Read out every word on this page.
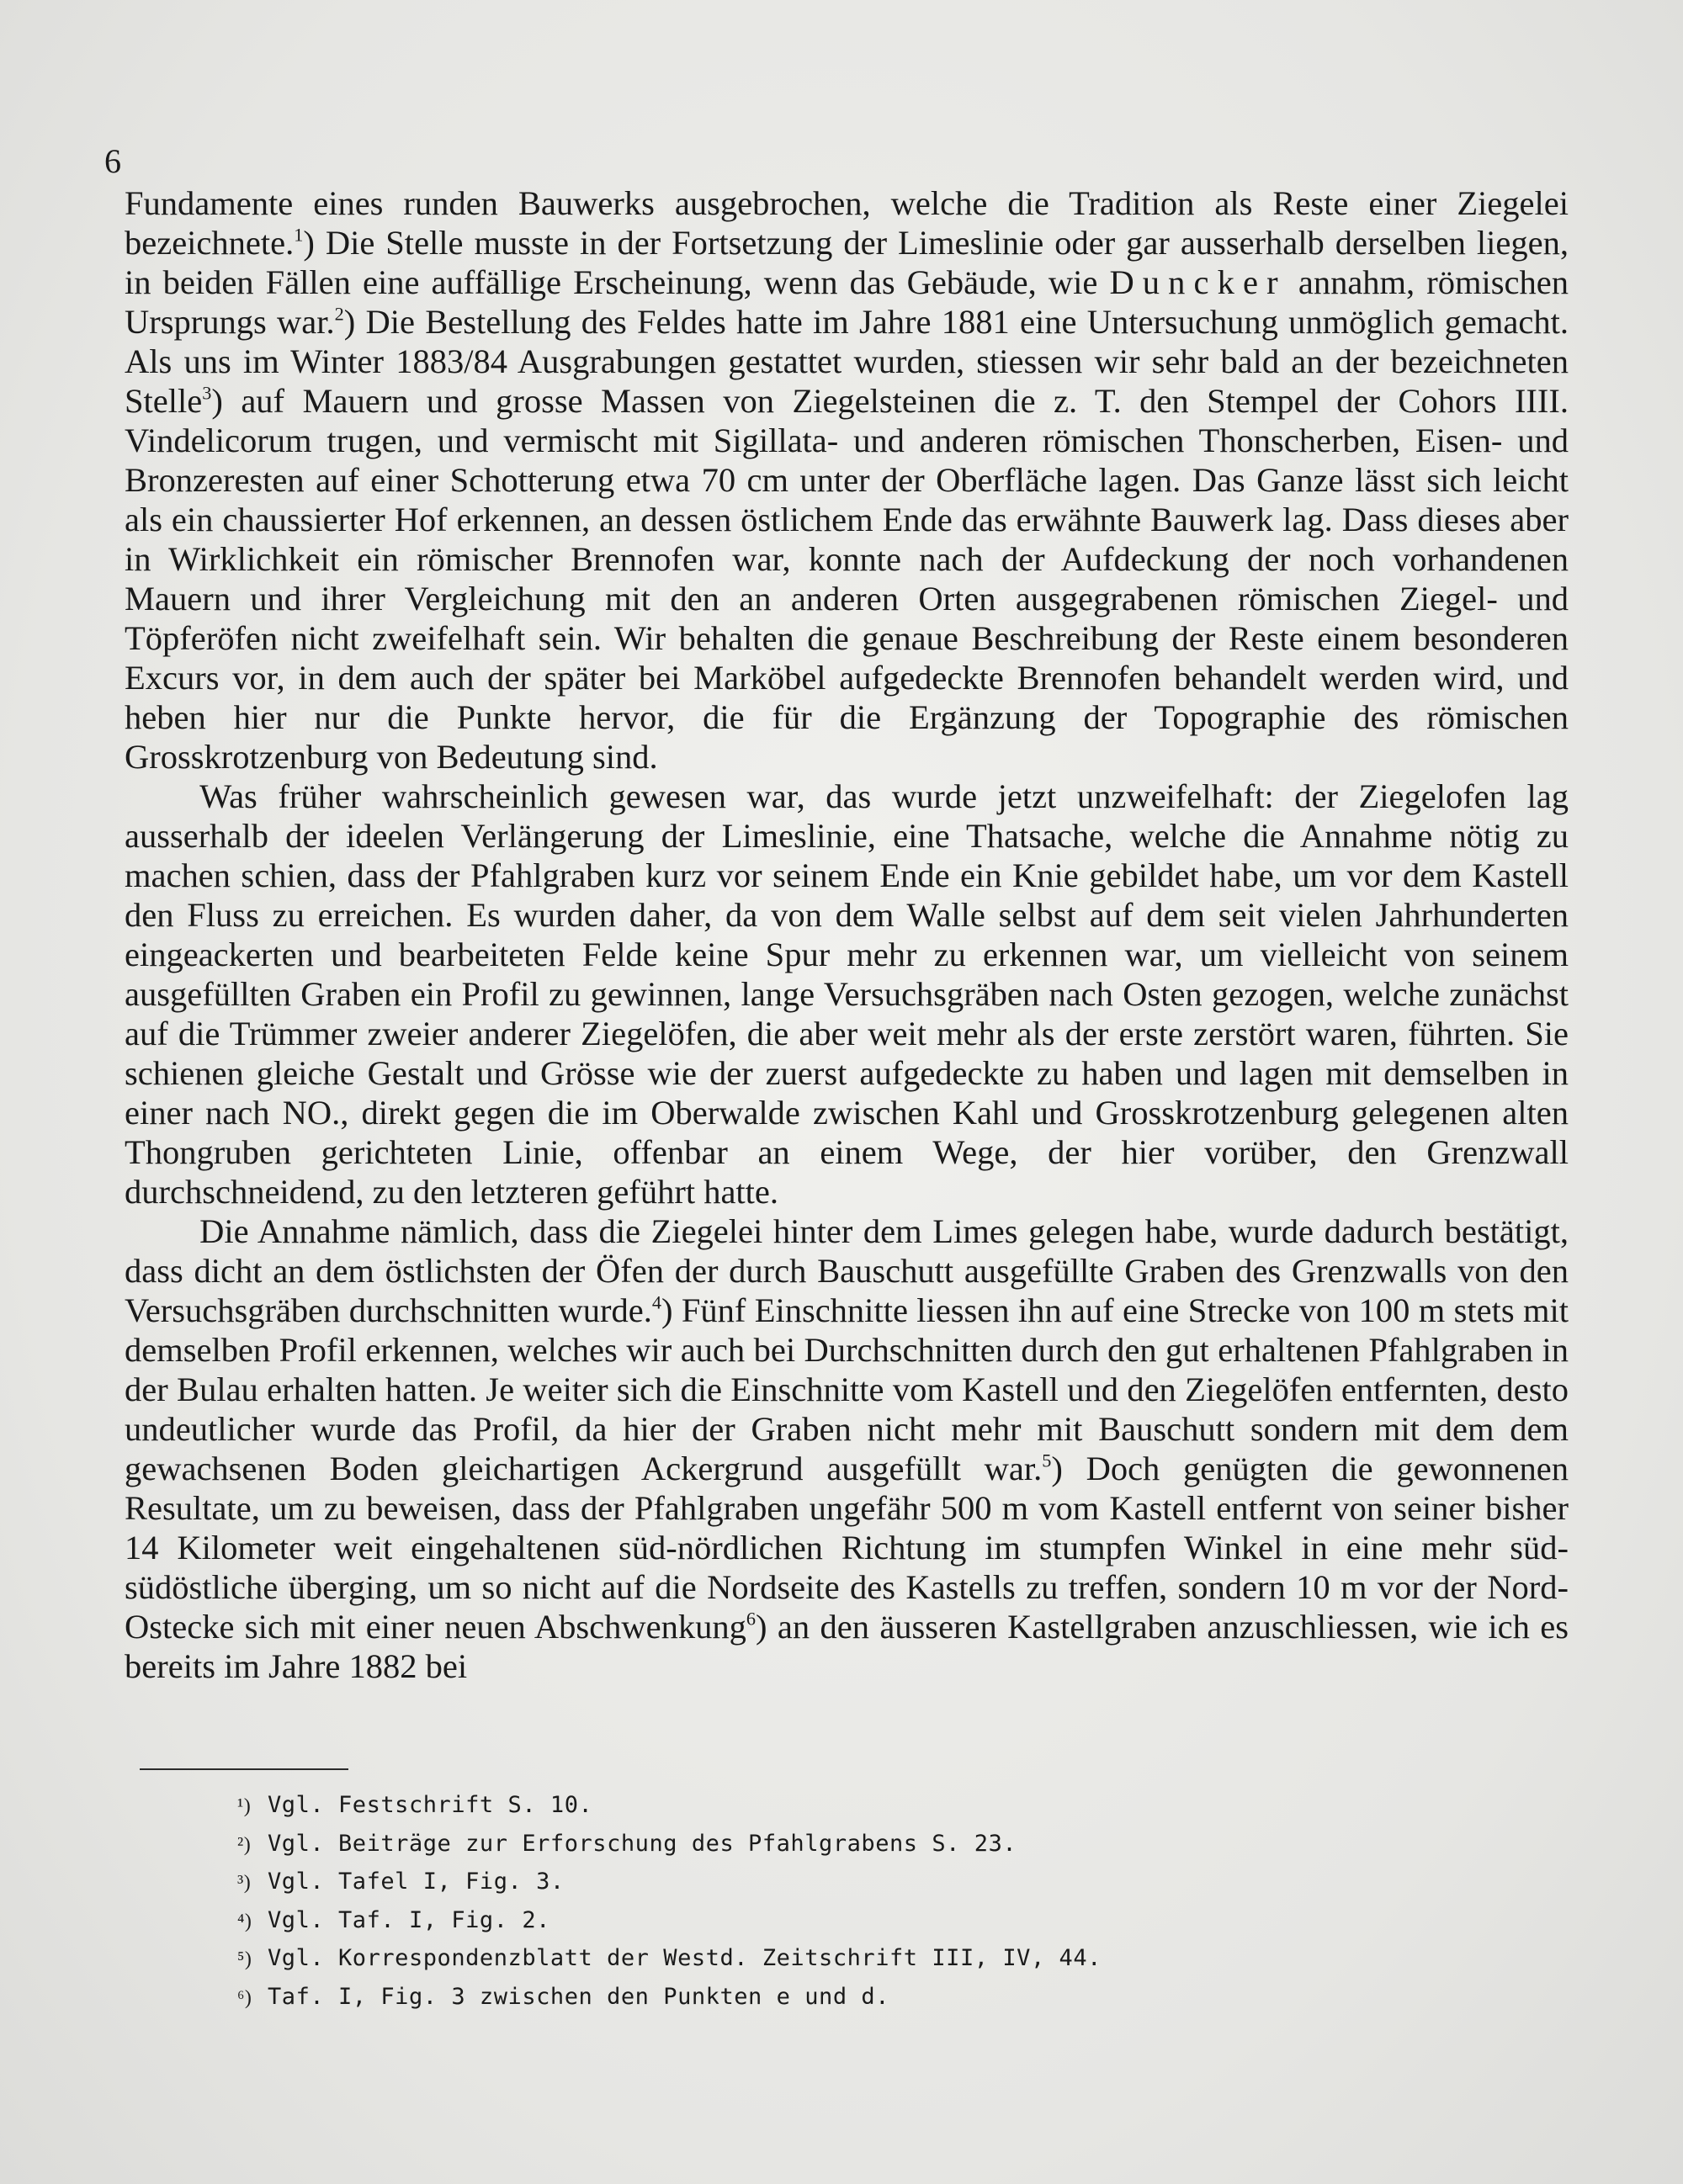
6

Fundamente eines runden Bauwerks ausgebrochen, welche die Tradition als Reste einer Ziegelei bezeichnete.$^1$) Die Stelle musste in der Fortsetzung der Limeslinie oder gar ausserhalb derselben liegen, in beiden Fällen eine auffällige Erscheinung, wenn das Gebäude, wie Duncker annahm, römischen Ursprungs war.$^2$) Die Bestellung des Feldes hatte im Jahre 1881 eine Untersuchung unmöglich gemacht. Als uns im Winter 1883/84 Ausgrabungen gestattet wurden, stiessen wir sehr bald an der bezeichneten Stelle$^3$) auf Mauern und grosse Massen von Ziegelsteinen die z. T. den Stempel der Cohors IIII. Vindelicorum trugen, und vermischt mit Sigillata- und anderen römischen Thonscherben, Eisen- und Bronzeresten auf einer Schotterung etwa 70 cm unter der Oberfläche lagen. Das Ganze lässt sich leicht als ein chaussierter Hof erkennen, an dessen östlichem Ende das erwähnte Bauwerk lag. Dass dieses aber in Wirklichkeit ein römischer Brennofen war, konnte nach der Aufdeckung der noch vorhandenen Mauern und ihrer Vergleichung mit den an anderen Orten ausgegrabenen römischen Ziegel- und Töpferöfen nicht zweifelhaft sein. Wir behalten die genaue Beschreibung der Reste einem besonderen Excurs vor, in dem auch der später bei Marköbel aufgedeckte Brennofen behandelt werden wird, und heben hier nur die Punkte hervor, die für die Ergänzung der Topographie des römischen Grosskrotzenburg von Bedeutung sind.

Was früher wahrscheinlich gewesen war, das wurde jetzt unzweifelhaft: der Ziegelofen lag ausserhalb der ideelen Verlängerung der Limeslinie, eine Thatsache, welche die Annahme nötig zu machen schien, dass der Pfahlgraben kurz vor seinem Ende ein Knie gebildet habe, um vor dem Kastell den Fluss zu erreichen. Es wurden daher, da von dem Walle selbst auf dem seit vielen Jahrhunderten eingeackerten und bearbeiteten Felde keine Spur mehr zu erkennen war, um vielleicht von seinem ausgefüllten Graben ein Profil zu gewinnen, lange Versuchsgräben nach Osten gezogen, welche zunächst auf die Trümmer zweier anderer Ziegelöfen, die aber weit mehr als der erste zerstört waren, führten. Sie schienen gleiche Gestalt und Grösse wie der zuerst aufgedeckte zu haben und lagen mit demselben in einer nach NO., direkt gegen die im Oberwalde zwischen Kahl und Grosskrotzenburg gelegenen alten Thongruben gerichteten Linie, offenbar an einem Wege, der hier vorüber, den Grenzwall durchschneidend, zu den letzteren geführt hatte.

Die Annahme nämlich, dass die Ziegelei hinter dem Limes gelegen habe, wurde dadurch bestätigt, dass dicht an dem östlichsten der Öfen der durch Bauschutt ausgefüllte Graben des Grenzwalls von den Versuchsgräben durchschnitten wurde.$^4$) Fünf Einschnitte liessen ihn auf eine Strecke von 100 m stets mit demselben Profil erkennen, welches wir auch bei Durchschnitten durch den gut erhaltenen Pfahlgraben in der Bulau erhalten hatten. Je weiter sich die Einschnitte vom Kastell und den Ziegelöfen entfernten, desto undeutlicher wurde das Profil, da hier der Graben nicht mehr mit Bauschutt sondern mit dem dem gewachsenen Boden gleichartigen Ackergrund ausgefüllt war.$^5$) Doch genügten die gewonnenen Resultate, um zu beweisen, dass der Pfahlgraben ungefähr 500 m vom Kastell entfernt von seiner bisher 14 Kilometer weit eingehaltenen süd-nördlichen Richtung im stumpfen Winkel in eine mehr süd-südöstliche überging, um so nicht auf die Nordseite des Kastells zu treffen, sondern 10 m vor der Nord-Ostecke sich mit einer neuen Abschwenkung$^6$) an den äusseren Kastellgraben anzuschliessen, wie ich es bereits im Jahre 1882 bei

¹) Vgl. Festschrift S. 10.
²) Vgl. Beiträge zur Erforschung des Pfahlgrabens S. 23.
³) Vgl. Tafel I, Fig. 3.
⁴) Vgl. Taf. I, Fig. 2.
⁵) Vgl. Korrespondenzblatt der Westd. Zeitschrift III, IV, 44.
⁶) Taf. I, Fig. 3 zwischen den Punkten e und d.
